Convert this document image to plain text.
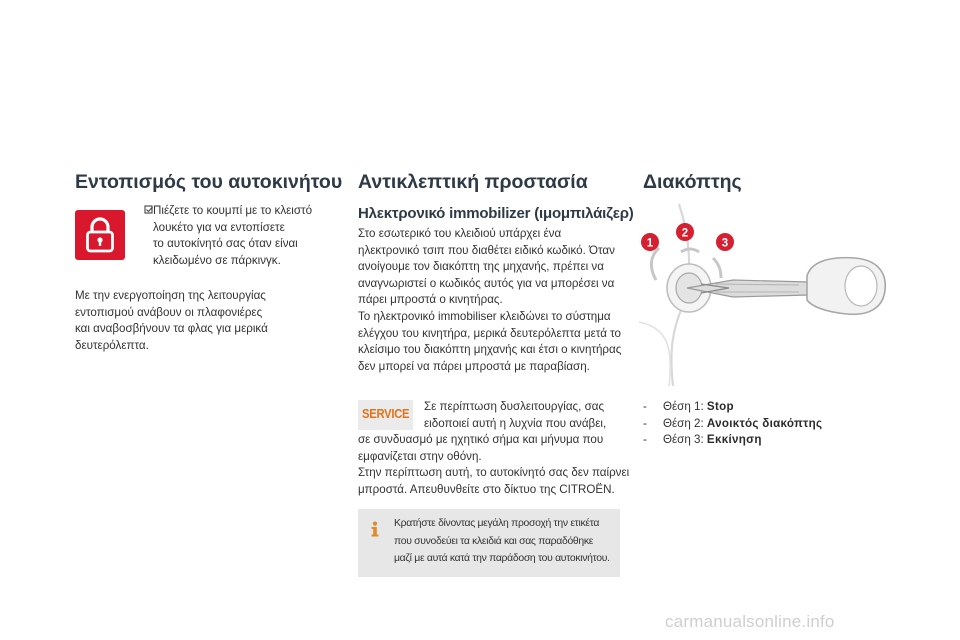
Εντοπισμός του αυτοκινήτου
Πιέζετε το κουμπί με το κλειστό
λουκέτο για να εντοπίσετε
το αυτοκίνητό σας όταν είναι
κλειδωμένο σε πάρκινγκ.
Με την ενεργοποίηση της λειτουργίας
εντοπισμού ανάβουν οι πλαφονιέρες
και αναβοσβήνουν τα φλας για μερικά
δευτερόλεπτα.
Αντικλεπτική προστασία
Ηλεκτρονικό immobilizer (ιμομπιλάιζερ)
Στο εσωτερικό του κλειδιού υπάρχει ένα
ηλεκτρονικό τσιπ που διαθέτει ειδικό κωδικό. Όταν
ανοίγουμε τον διακόπτη της μηχανής, πρέπει να
αναγνωριστεί ο κωδικός αυτός για να μπορέσει να
πάρει μπροστά ο κινητήρας.
Το ηλεκτρονικό immobiliser κλειδώνει το σύστημα
ελέγχου του κινητήρα, μερικά δευτερόλεπτα μετά το
κλείσιμο του διακόπτη μηχανής και έτσι ο κινητήρας
δεν μπορεί να πάρει μπροστά με παραβίαση.
SERVICE
Σε περίπτωση δυσλειτουργίας, σας
ειδοποιεί αυτή η λυχνία που ανάβει,
σε συνδυασμό με ηχητικό σήμα και μήνυμα που
εμφανίζεται στην οθόνη.
Στην περίπτωση αυτή, το αυτοκίνητό σας δεν παίρνει
μπροστά. Απευθυνθείτε στο δίκτυο της CITROËN.
Κρατήστε δίνοντας μεγάλη προσοχή την ετικέτα
που συνοδεύει τα κλειδιά και σας παραδόθηκε
μαζί με αυτά κατά την παράδοση του αυτοκινήτου.
Διακόπτης
1
2
3
- Θέση 1: Stop
- Θέση 2: Ανοικτός διακόπτης
- Θέση 3: Εκκίνηση
carmanualsonline.info
